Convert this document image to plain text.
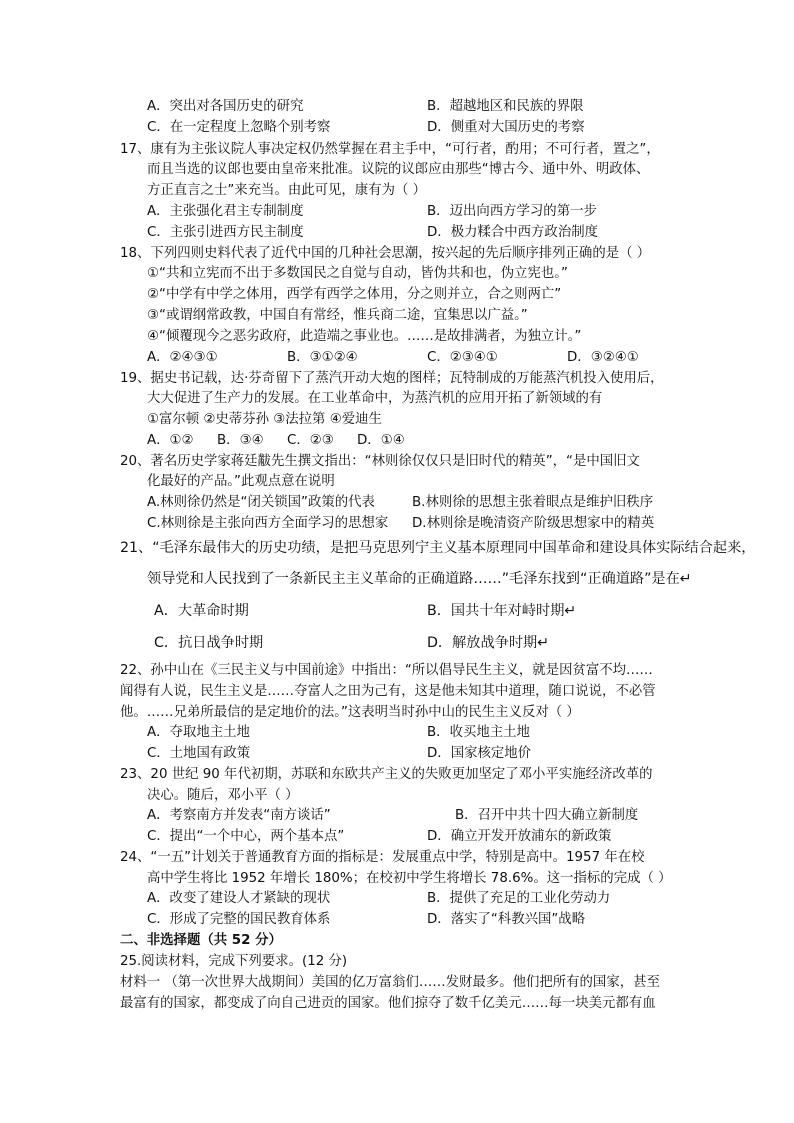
A．突出对各国历史的研究	B．超越地区和民族的界限
C．在一定程度上忽略个别考察	D．侧重对大国历史的考察
17、康有为主张议院人事决定权仍然掌握在君主手中，“可行者，酌用；不可行者，置之”，
而且当选的议郎也要由皇帝来批准。议院的议郎应由那些“博古今、通中外、明政体、
方正直言之士”来充当。由此可见，康有为（ ）
A．主张强化君主专制制度	B．迈出向西方学习的第一步
C．主张引进西方民主制度	D．极力糅合中西方政治制度
18、下列四则史料代表了近代中国的几种社会思潮，按兴起的先后顺序排列正确的是（ ）
①“共和立宪而不出于多数国民之自觉与自动，皆伪共和也，伪立宪也。”
②“中学有中学之体用，西学有西学之体用，分之则并立，合之则两亡”
③“或谓纲常政教，中国自有常经，惟兵商二途，宜集思以广益。”
④“倾覆现今之恶劣政府，此造端之事业也。……是故排满者，为独立计。”
A．②④③①	B．③①②④	C．②③④①	D．③②④①
19、据史书记载，达·芬奇留下了蒸汽开动大炮的图样；瓦特制成的万能蒸汽机投入使用后，
大大促进了生产力的发展。在工业革命中，为蒸汽机的应用开拓了新领域的有
①富尔顿 ②史蒂芬孙 ③法拉第 ④爱迪生
A．①② B．③④ C．②③ D．①④
20、著名历史学家蒋廷黻先生撰文指出：“林则徐仅仅只是旧时代的精英”，“是中国旧文
化最好的产品。”此观点意在说明
A.林则徐仍然是“闭关锁国”政策的代表	B.林则徐的思想主张着眼点是维护旧秩序
C.林则徐是主张向西方全面学习的思想家 D.林则徐是晚清资产阶级思想家中的精英
21、“毛泽东最伟大的历史功绩，是把马克思列宁主义基本原理同中国革命和建设具体实际结合起来，
领导党和人民找到了一条新民主主义革命的正确道路……”毛泽东找到“正确道路”是在↵
A．大革命时期	B．国共十年对峙时期↵
C．抗日战争时期	D．解放战争时期↵
22、孙中山在《三民主义与中国前途》中指出：“所以倡导民生主义，就是因贫富不均……
闻得有人说，民生主义是……夺富人之田为己有，这是他未知其中道理，随口说说，不必管
他。……兄弟所最信的是定地价的法。”这表明当时孙中山的民生主义反对（ ）
A．夺取地主土地	B．收买地主土地
C．土地国有政策	D．国家核定地价
23、20 世纪 90 年代初期，苏联和东欧共产主义的失败更加坚定了邓小平实施经济改革的
决心。随后，邓小平（ ）
A．考察南方并发表“南方谈话”	B．召开中共十四大确立新制度
C．提出“一个中心，两个基本点”	D．确立开发开放浦东的新政策
24、“一五”计划关于普通教育方面的指标是：发展重点中学，特别是高中。1957 年在校
高中学生将比 1952 年增长 180%；在校初中学生将增长 78.6%。这一指标的完成（ ）
A．改变了建设人才紧缺的现状	B．提供了充足的工业化劳动力
C．形成了完整的国民教育体系	D．落实了“科教兴国”战略
二、非选择题（共 52 分）
25.阅读材料，完成下列要求。(12 分)
材料一 （第一次世界大战期间）美国的亿万富翁们……发财最多。他们把所有的国家，甚至
最富有的国家，都变成了向自己进贡的国家。他们掠夺了数千亿美元……每一块美元都有血
